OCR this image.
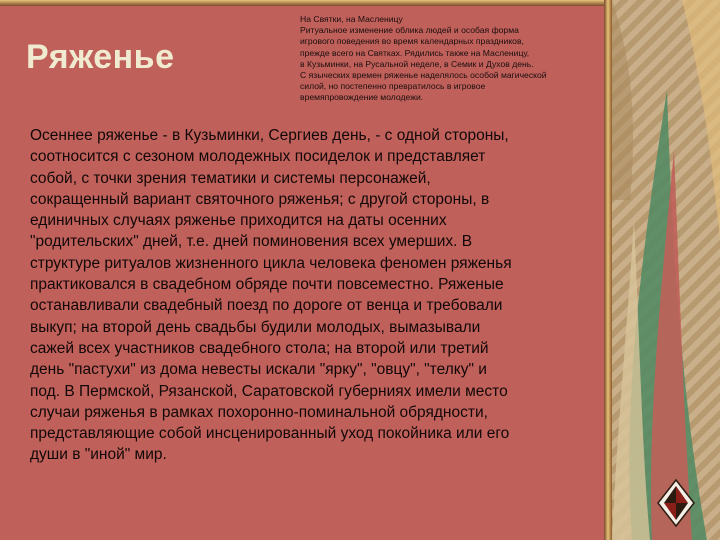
Ряженье

На Святки, на Масленицу
Ритуальное изменение облика людей и особая форма
игрового поведения во время календарных праздников,
прежде всего на Святках. Рядились также на Масленицу,
в Кузьминки, на Русальной неделе, в Семик и Духов день.
С языческих времен ряженье наделялось особой магической
силой, но постепенно превратилось в игровое
времяпровождение молодежи.

Осеннее ряженье - в Кузьминки, Сергиев день, - с одной стороны,
соотносится с сезоном молодежных посиделок и представляет
собой, с точки зрения тематики и системы персонажей,
сокращенный вариант святочного ряженья; с другой стороны, в
единичных случаях ряженье приходится на даты осенних
"родительских" дней, т.е. дней поминовения всех умерших. В
структуре ритуалов жизненного цикла человека феномен ряженья
практиковался в свадебном обряде почти повсеместно. Ряженые
останавливали свадебный поезд по дороге от венца и требовали
выкуп; на второй день свадьбы будили молодых, вымазывали
сажей всех участников свадебного стола; на второй или третий
день "пастухи" из дома невесты искали "ярку", "овцу", "телку" и
под. В Пермской, Рязанской, Саратовской губерниях имели место
случаи ряженья в рамках похоронно-поминальной обрядности,
представляющие собой инсценированный уход покойника или его
души в "иной" мир.
